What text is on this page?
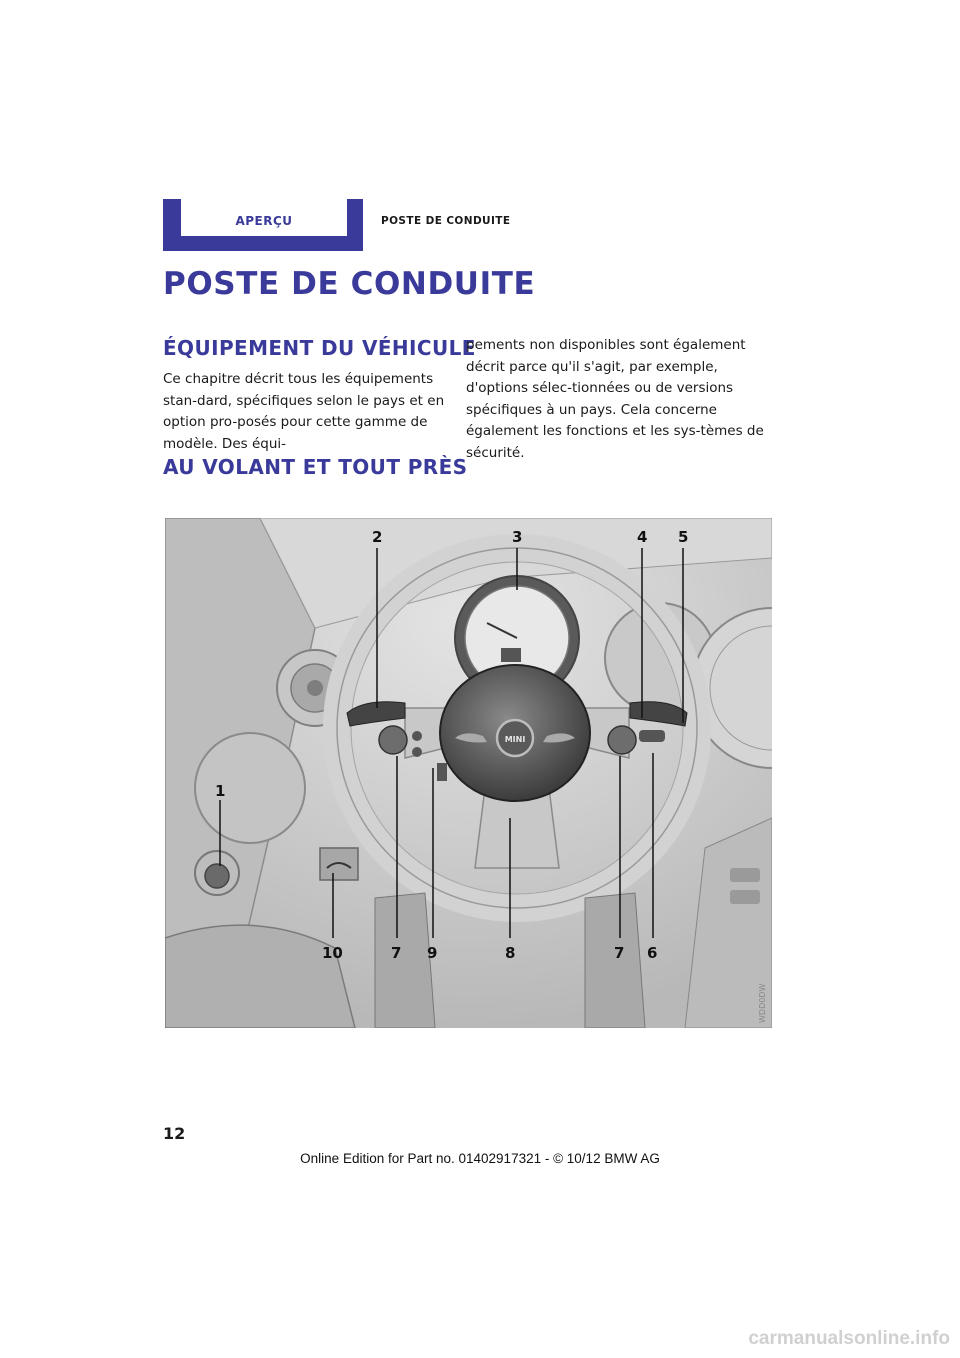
APERÇU	POSTE DE CONDUITE
POSTE DE CONDUITE
ÉQUIPEMENT DU VÉHICULE

Ce chapitre décrit tous les équipements stan-dard, spécifiques selon le pays et en option pro-posés pour cette gamme de modèle. Des équi-

pements non disponibles sont également décrit parce qu'il s'agit, par exemple, d'options sélec-tionnées ou de versions spécifiques à un pays. Cela concerne également les fonctions et les sys-tèmes de sécurité.

AU VOLANT ET TOUT PRÈS
MINI
1
2	3	4 5
6
7	7
8
9
10
WDD0DW
12
Online Edition for Part no. 01402917321 - © 10/12 BMW AG
carmanualsonline.info
